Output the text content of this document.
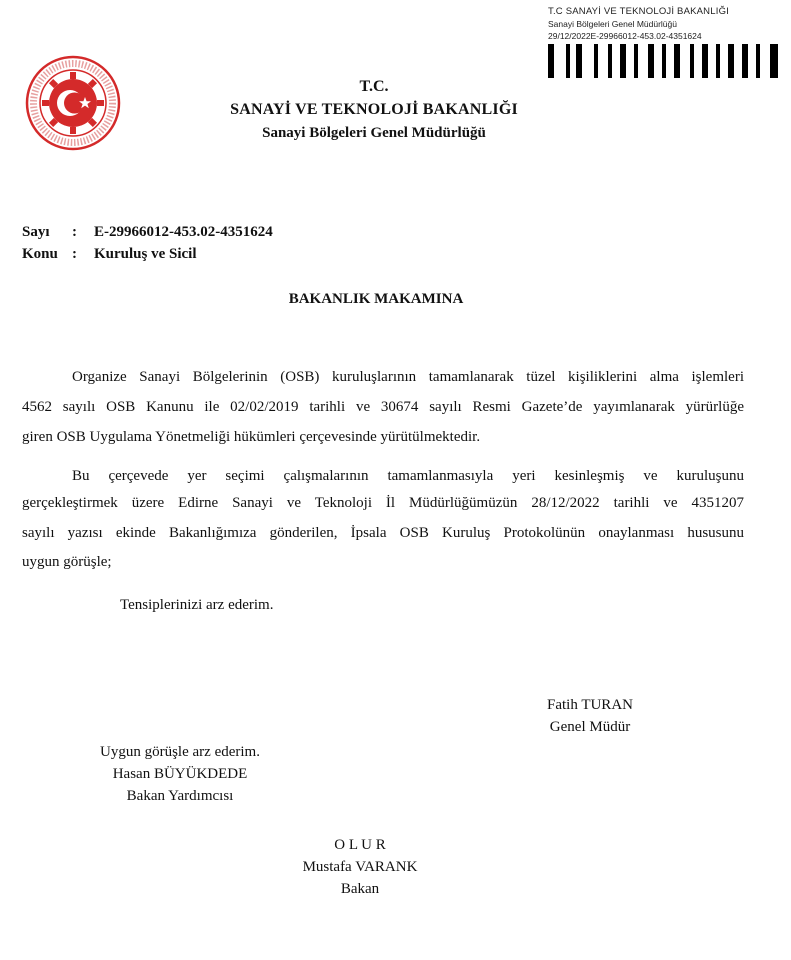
T.C SANAYİ VE TEKNOLOJİ BAKANLIĞI
Sanayi Bölgeleri Genel Müdürlüğü
29/12/2022E-29966012-453.02-4351624
T.C.
SANAYİ VE TEKNOLOJİ BAKANLIĞI
Sanayi Bölgeleri Genel Müdürlüğü
Sayı : E-29966012-453.02-4351624
Konu : Kuruluş ve Sicil
BAKANLIK MAKAMINA
Organize Sanayi Bölgelerinin (OSB) kuruluşlarının tamamlanarak tüzel kişiliklerini alma işlemleri
4562 sayılı OSB Kanunu ile 02/02/2019 tarihli ve 30674 sayılı Resmi Gazete’de yayımlanarak yürürlüğe
giren OSB Uygulama Yönetmeliği hükümleri çerçevesinde yürütülmektedir.
Bu çerçevede yer seçimi çalışmalarının tamamlanmasıyla yeri kesinleşmiş ve kuruluşunu
gerçekleştirmek üzere Edirne Sanayi ve Teknoloji İl Müdürlüğümüzün 28/12/2022 tarihli ve 4351207
sayılı yazısı ekinde Bakanlığımıza gönderilen, İpsala OSB Kuruluş Protokolünün onaylanması hususunu
uygun görüşle;
Tensiplerinizi arz ederim.
Fatih TURAN
Genel Müdür
Uygun görüşle arz ederim.
Hasan BÜYÜKDEDE
Bakan Yardımcısı
O L U R
Mustafa VARANK
Bakan
